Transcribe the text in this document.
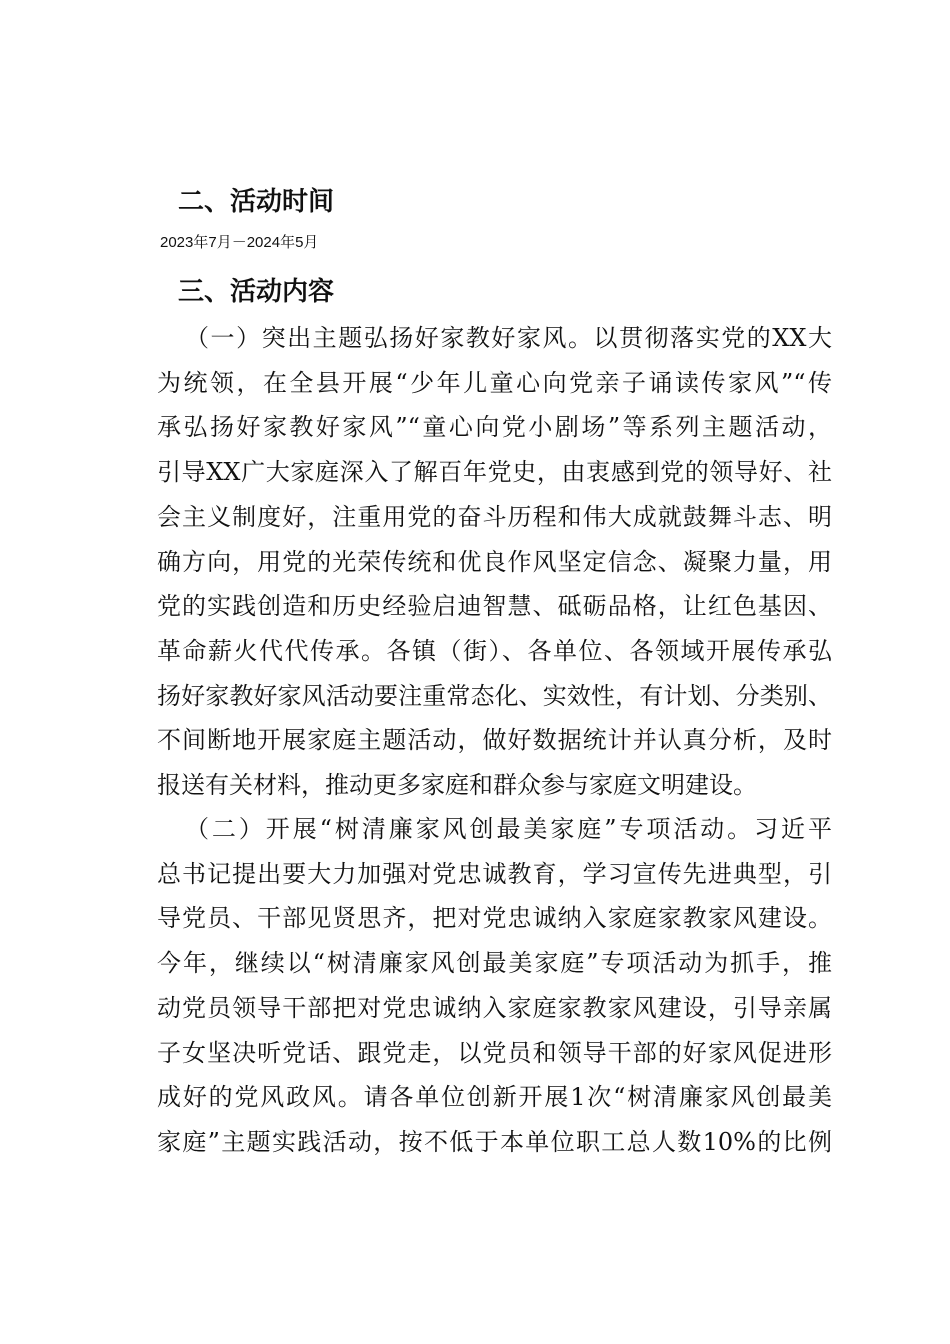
二、活动时间
2023年7月－2024年5月
三、活动内容
（一）突出主题弘扬好家教好家风。以贯彻落实党的XX大
为统领，在全县开展“少年儿童心向党亲子诵读传家风”“传
承弘扬好家教好家风”“童心向党小剧场”等系列主题活动，
引导XX广大家庭深入了解百年党史，由衷感到党的领导好、社
会主义制度好，注重用党的奋斗历程和伟大成就鼓舞斗志、明
确方向，用党的光荣传统和优良作风坚定信念、凝聚力量，用
党的实践创造和历史经验启迪智慧、砥砺品格，让红色基因、
革命薪火代代传承。各镇（街）、各单位、各领域开展传承弘
扬好家教好家风活动要注重常态化、实效性，有计划、分类别、
不间断地开展家庭主题活动，做好数据统计并认真分析，及时
报送有关材料，推动更多家庭和群众参与家庭文明建设。
（二）开展“树清廉家风创最美家庭”专项活动。习近平
总书记提出要大力加强对党忠诚教育，学习宣传先进典型，引
导党员、干部见贤思齐，把对党忠诚纳入家庭家教家风建设。
今年，继续以“树清廉家风创最美家庭”专项活动为抓手，推
动党员领导干部把对党忠诚纳入家庭家教家风建设，引导亲属
子女坚决听党话、跟党走，以党员和领导干部的好家风促进形
成好的党风政风。请各单位创新开展1次“树清廉家风创最美
家庭”主题实践活动，按不低于本单位职工总人数10%的比例
